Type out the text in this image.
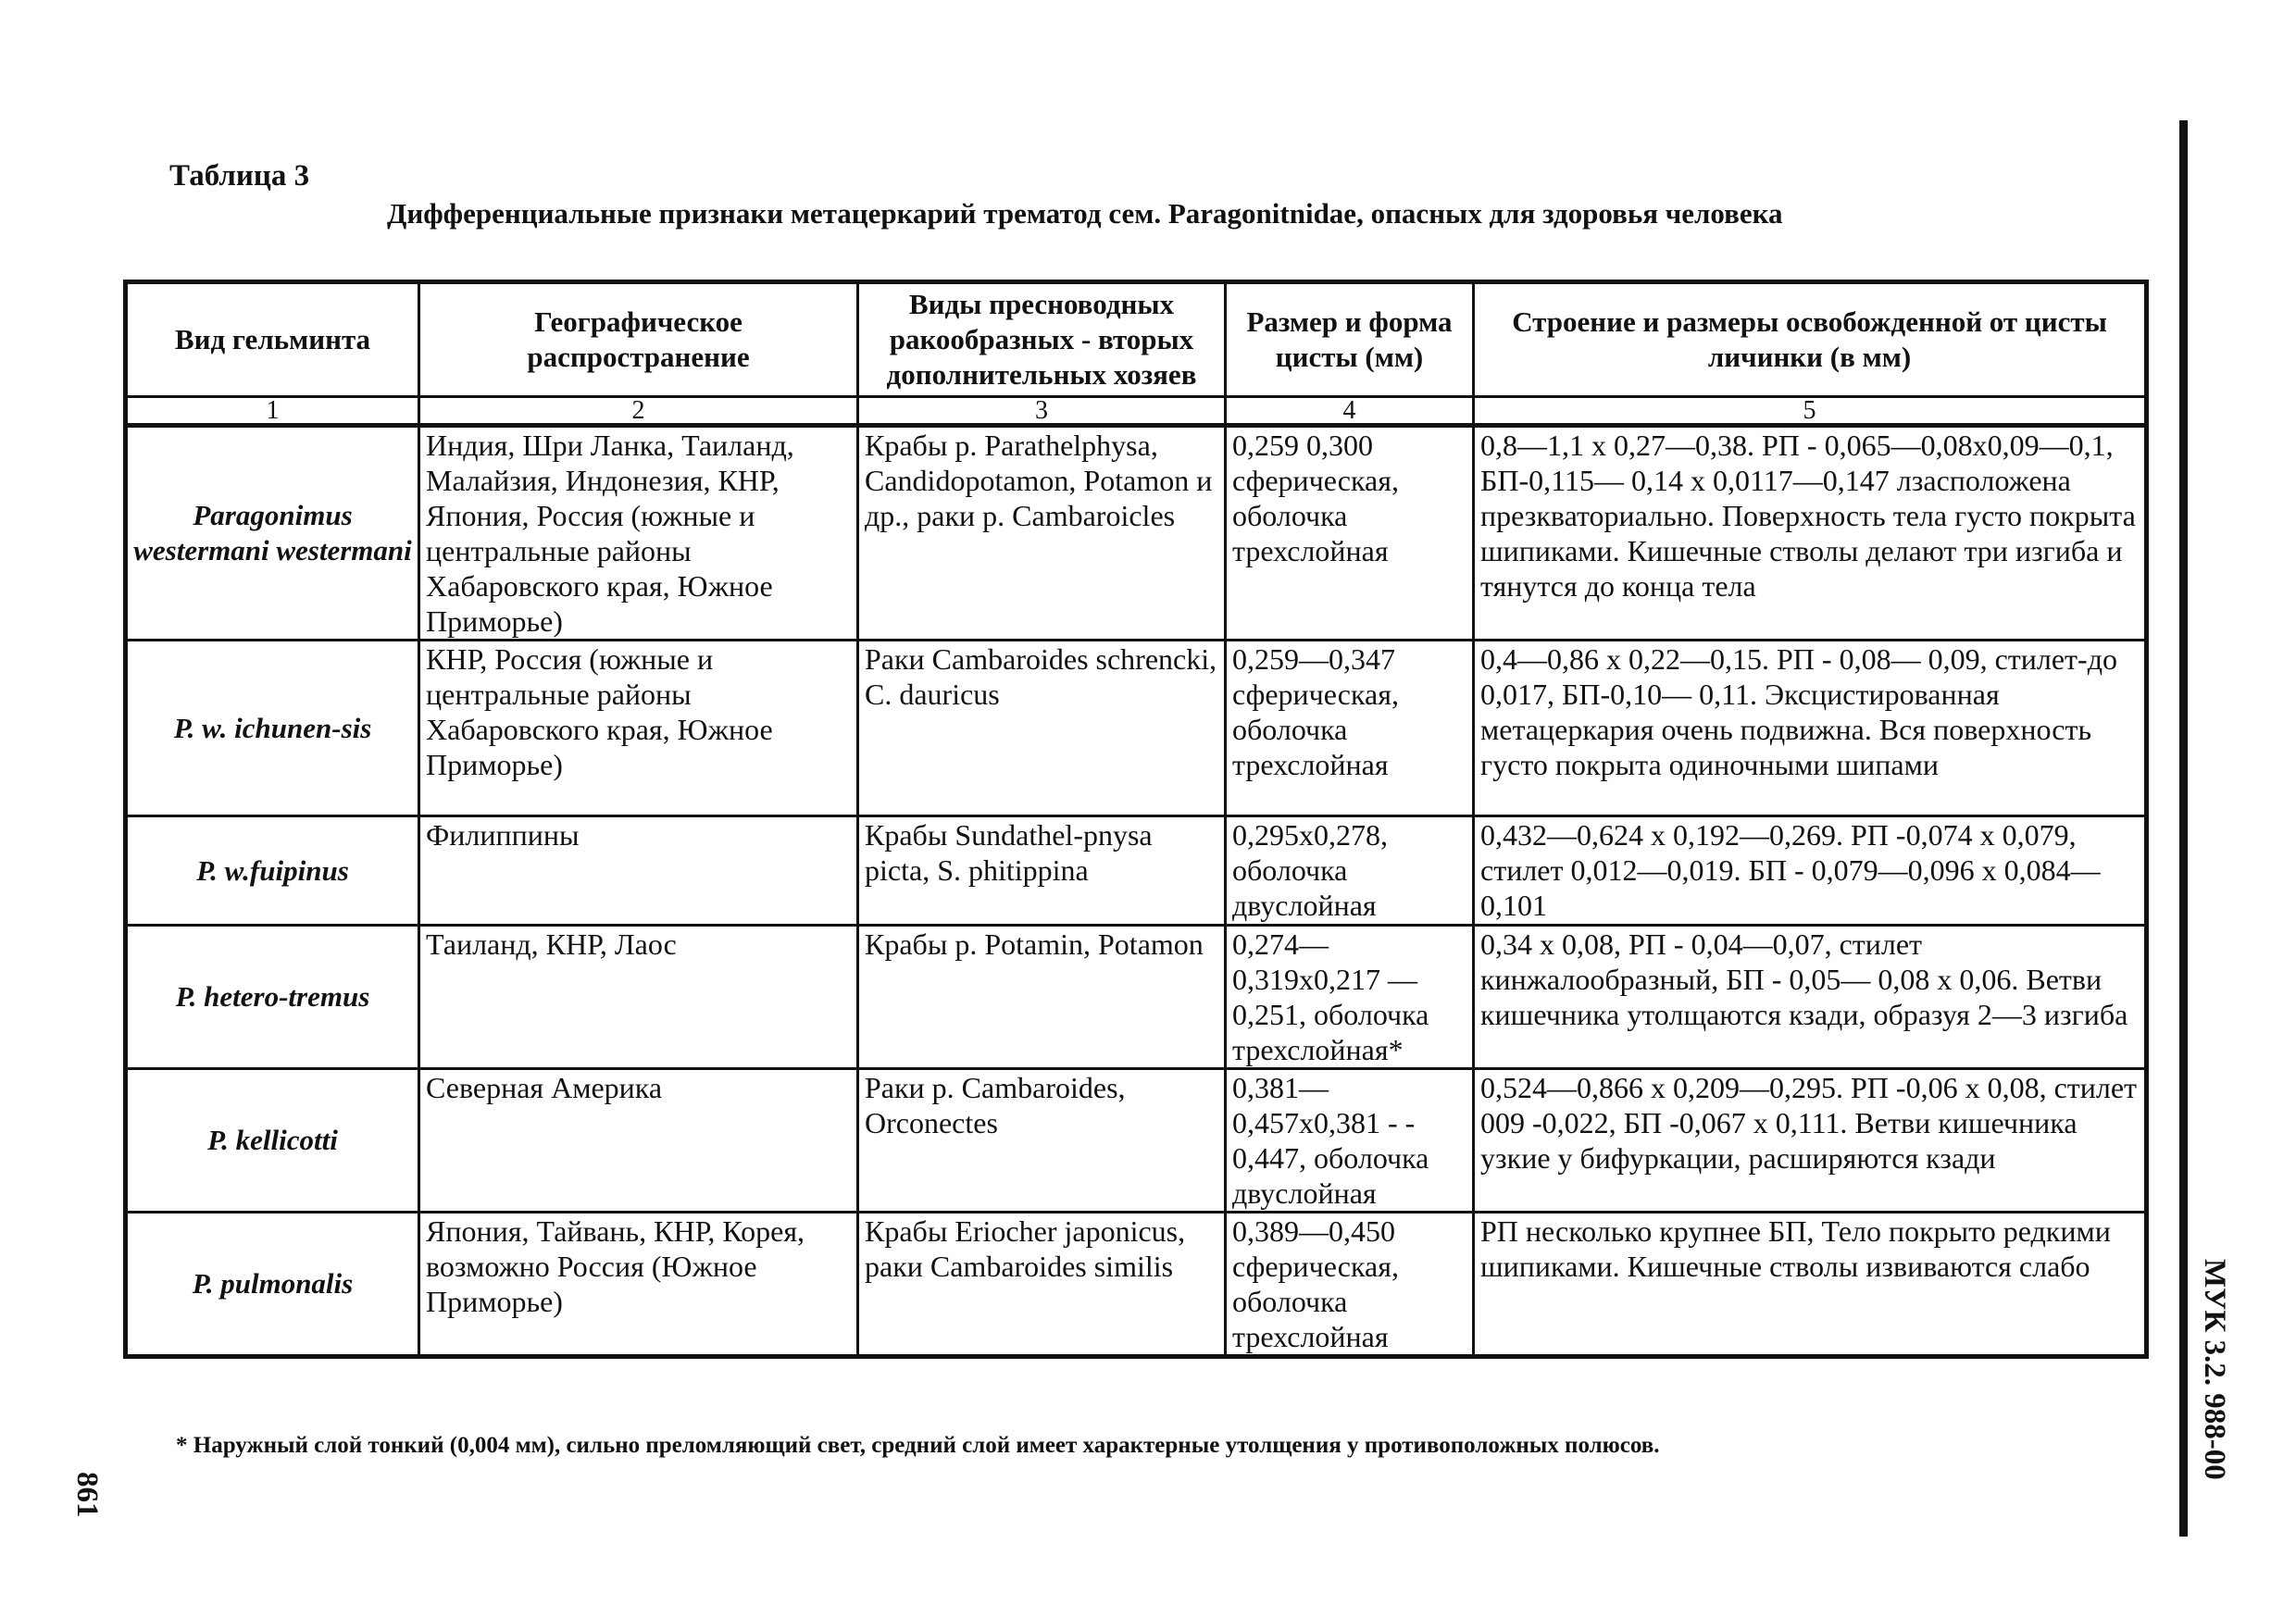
Таблица 3
Дифференциальные признаки метацеркарий трематод сем. Paragonitnidae, опасных для здоровья человека
Вид гельминта	Географическое распространение	Виды пресноводных ракообразных - вторых дополнительных хозяев	Размер и форма цисты (мм)	Строение и размеры освобожденной от цисты личинки (в мм)
1	2	3	4	5
Paragonimus westermani westermani	Индия, Шри Ланка, Таиланд, Малайзия, Индонезия, КНР, Япония, Россия (южные и центральные районы Хабаровского края, Южное Приморье)	Крабы р. Parathelphysa, Candidopotamon, Potamon и др., раки р. Cambaroicles	0,259 0,300 сферическая, оболочка трехслойная	0,8—1,1 х 0,27—0,38. РП - 0,065—0,08х0,09—0,1, БП-0,115— 0,14 х 0,0117—0,147 лзасположена презкваториально. Поверхность тела густо покрыта шипиками. Кишечные стволы делают три изгиба и тянутся до конца тела
P. w. ichunen-sis	КНР, Россия (южные и центральные районы Хабаровского края, Южное Приморье)	Раки Cambaroides schrencki, C. dauricus	0,259—0,347 сферическая, оболочка трехслойная	0,4—0,86 х 0,22—0,15. РП - 0,08— 0,09, стилет-до 0,017, БП-0,10— 0,11. Эксцистированная метацеркария очень подвижна. Вся поверхность густо покрыта одиночными шипами
P. w.fuipinus	Филиппины	Крабы Sundathel-pnysa picta, S. phitippina	0,295х0,278, оболочка двуслойная	0,432—0,624 х 0,192—0,269. РП -0,074 х 0,079, стилет 0,012—0,019. БП - 0,079—0,096 х 0,084—0,101
P. hetero-tremus	Таиланд, КНР, Лаос	Крабы р. Potamin, Potamon	0,274—0,319х0,217 —0,251, оболочка трехслойная*	0,34 х 0,08, РП - 0,04—0,07, стилет кинжалообразный, БП - 0,05— 0,08 х 0,06. Ветви кишечника утолщаются кзади, образуя 2—3 изгиба
P. kellicotti	Северная Америка	Раки р. Cambaroides, Orconectes	0,381—0,457х0,381 - - 0,447, оболочка двуслойная	0,524—0,866 х 0,209—0,295. РП -0,06 х 0,08, стилет 009 -0,022, БП -0,067 х 0,111. Ветви кишечника узкие у бифуркации, расширяются кзади
P. pulmonalis	Япония, Тайвань, КНР, Корея, возможно Россия (Южное Приморье)	Крабы Eriocher japonicus, раки Cambaroides similis	0,389—0,450 сферическая, оболочка трехслойная	РП несколько крупнее БП, Тело покрыто редкими шипиками. Кишечные стволы извиваются слабо
* Наружный слой тонкий (0,004 мм), сильно преломляющий свет, средний слой имеет характерные утолщения у противоположных полюсов.	МУК 3.2. 988-00
861
